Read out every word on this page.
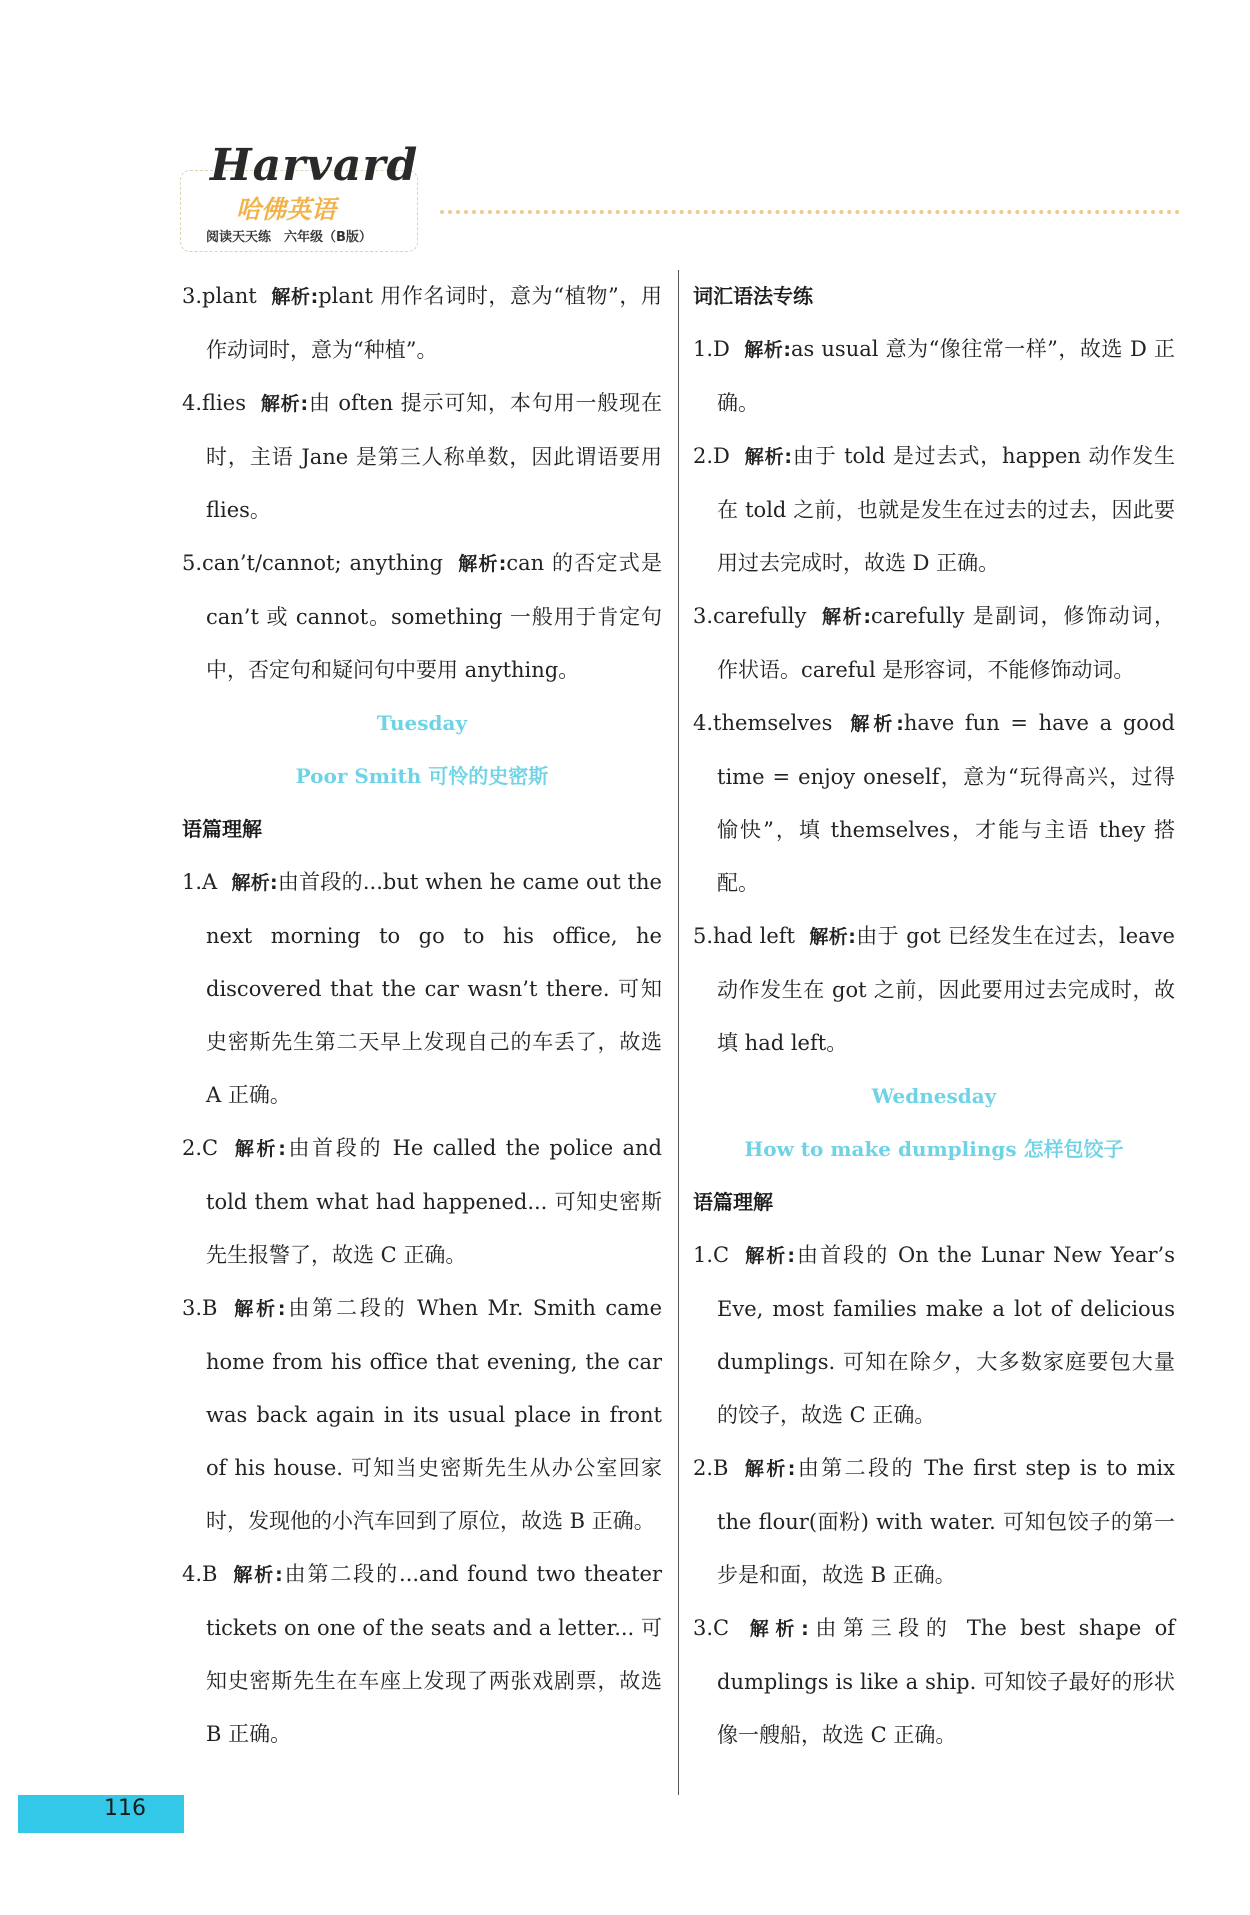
Harvard
哈佛英语
阅读天天练　六年级（B版）
3.plant 解析:plant 用作名词时，意为“植物”，用作动词时，意为“种植”。
4.flies 解析:由 often 提示可知，本句用一般现在时，主语 Jane 是第三人称单数，因此谓语要用 flies。
5.can’t/cannot; anything 解析:can 的否定式是 can’t 或 cannot。something 一般用于肯定句中，否定句和疑问句中要用 anything。
Tuesday
Poor Smith 可怜的史密斯
语篇理解
1.A 解析:由首段的...but when he came out the next morning to go to his office, he discovered that the car wasn’t there. 可知史密斯先生第二天早上发现自己的车丢了，故选 A 正确。
2.C 解析:由首段的 He called the police and told them what had happened... 可知史密斯先生报警了，故选 C 正确。
3.B 解析:由第二段的 When Mr. Smith came home from his office that evening, the car was back again in its usual place in front of his house. 可知当史密斯先生从办公室回家时，发现他的小汽车回到了原位，故选 B 正确。
4.B 解析:由第二段的...and found two theater tickets on one of the seats and a letter... 可知史密斯先生在车座上发现了两张戏剧票，故选 B 正确。
词汇语法专练
1.D 解析:as usual 意为“像往常一样”，故选 D 正确。
2.D 解析:由于 told 是过去式，happen 动作发生在 told 之前，也就是发生在过去的过去，因此要用过去完成时，故选 D 正确。
3.carefully 解析:carefully 是副词，修饰动词，作状语。careful 是形容词，不能修饰动词。
4.themselves 解析:have fun = have a good time = enjoy oneself，意为“玩得高兴，过得愉快”，填 themselves，才能与主语 they 搭配。
5.had left 解析:由于 got 已经发生在过去，leave 动作发生在 got 之前，因此要用过去完成时，故填 had left。
Wednesday
How to make dumplings 怎样包饺子
语篇理解
1.C 解析:由首段的 On the Lunar New Year’s Eve, most families make a lot of delicious dumplings. 可知在除夕，大多数家庭要包大量的饺子，故选 C 正确。
2.B 解析:由第二段的 The first step is to mix the flour(面粉) with water. 可知包饺子的第一步是和面，故选 B 正确。
3.C 解析:由第三段的 The best shape of dumplings is like a ship. 可知饺子最好的形状像一艘船，故选 C 正确。
116
